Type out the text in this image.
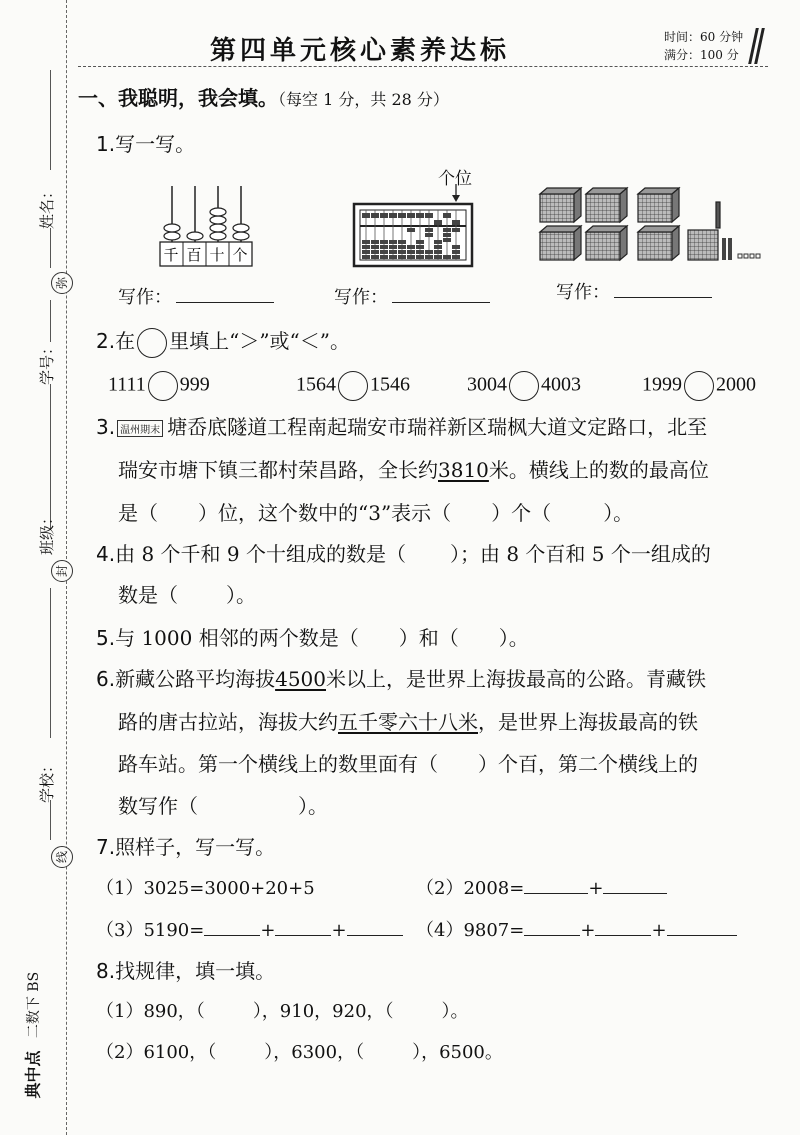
姓名：
弥
学号：
班级：
封
学校：
线
二数下 BS
典中点
第四单元核心素养达标	时间：60 分钟
满分：100 分
一、我聪明，我会填。（每空 1 分，共 28 分）
1.写一写。
千 百 十 个
写作：
个位
写作：	写作：
2.在 里填上“＞”或“＜”。
1111 999	1564 1546	3004 4003	1999 2000
3. 温州期末 塘岙底隧道工程南起瑞安市瑞祥新区瑞枫大道文定路口，北至
瑞安市塘下镇三都村荣昌路，全长约3810米。横线上的数的最高位
是（ ）位，这个数中的“3”表示（ ）个（	）。
4.由 8 个千和 9 个十组成的数是（ ）；由 8 个百和 5 个一组成的
数是（ ）。
5.与 1000 相邻的两个数是（ ）和（ ）。
6.新藏公路平均海拔4500米以上，是世界上海拔最高的公路。青藏铁
路的唐古拉站，海拔大约五千零六十八米，是世界上海拔最高的铁
路车站。第一个横线上的数里面有（ ）个百，第二个横线上的
数写作（	）。
7.照样子，写一写。
（1）3025=3000+20+5	（2）2008=	+
（3）5190=	+	+	（4）9807=	+	+
8.找规律，填一填。
（1）890，（	），910，920，（	）。
（2）6100，（	），6300，（	），6500。
